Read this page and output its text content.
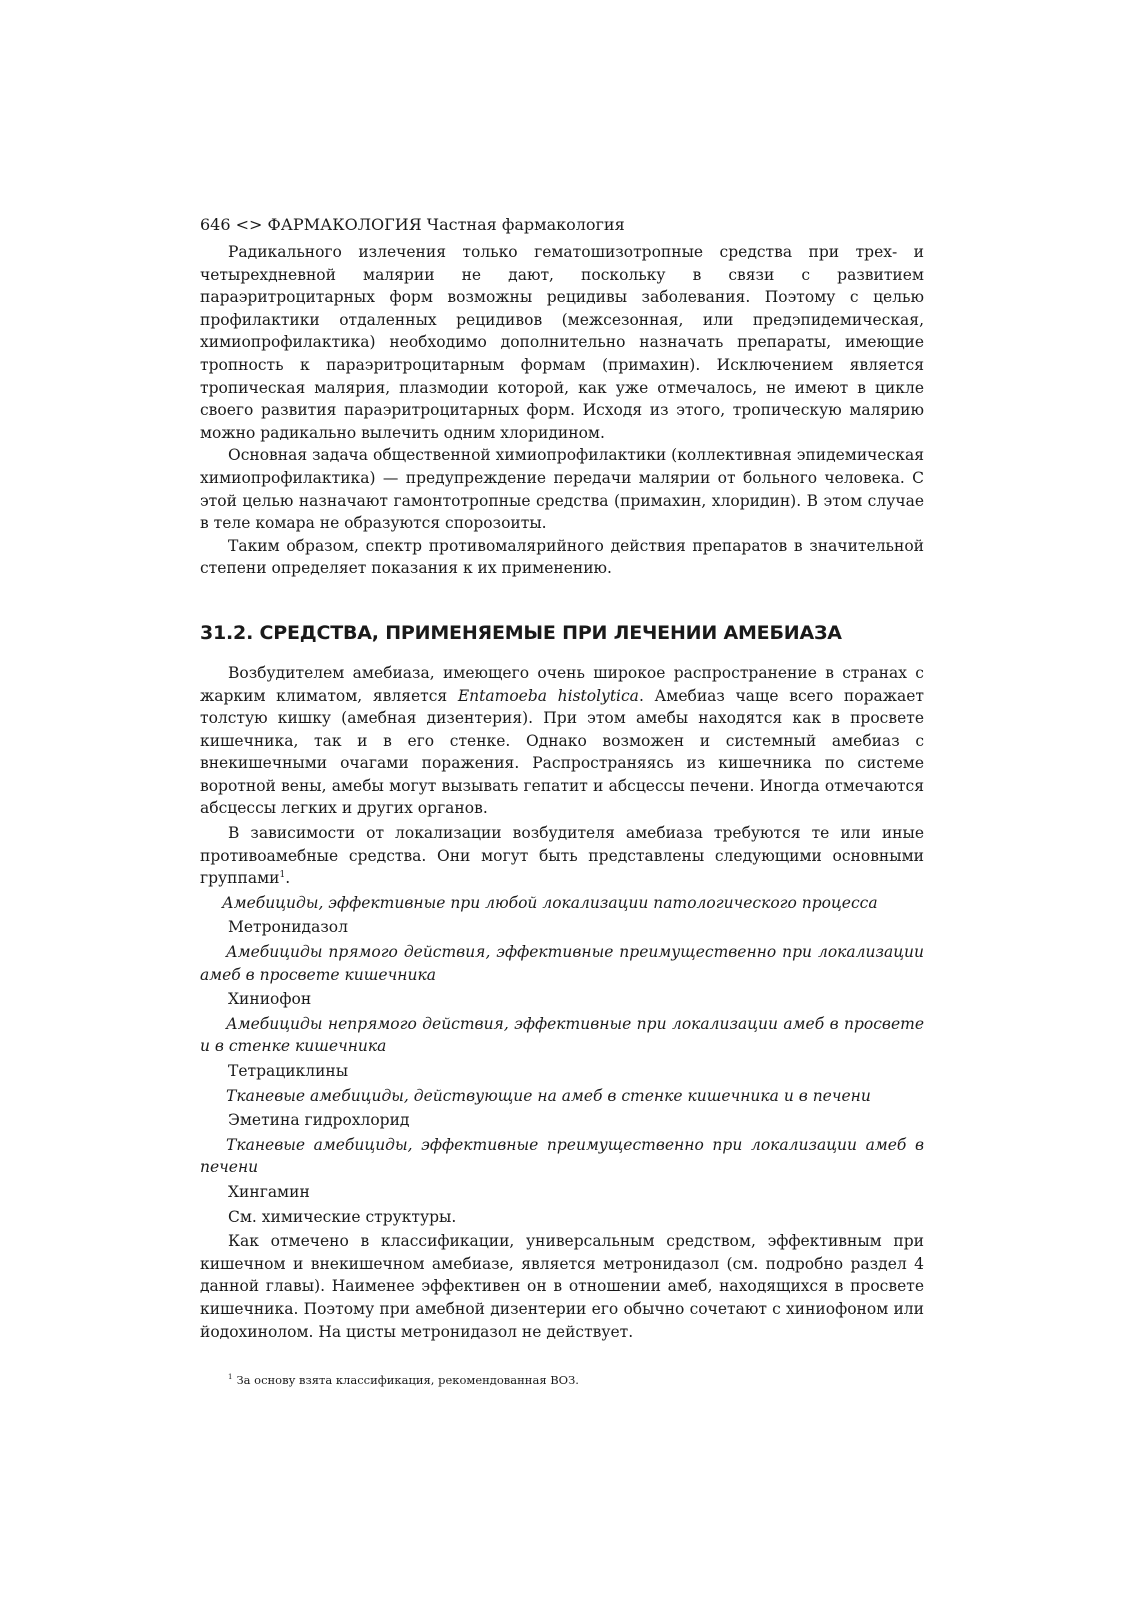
646 <> ФАРМАКОЛОГИЯ Частная фармакология

Радикального излечения только гематошизотропные средства при трех- и четырехдневной малярии не дают, поскольку в связи с развитием параэритроцитарных форм возможны рецидивы заболевания. Поэтому с целью профилактики отдаленных рецидивов (межсезонная, или предэпидемическая, химиопрофилактика) необходимо дополнительно назначать препараты, имеющие тропность к параэритроцитарным формам (примахин). Исключением является тропическая малярия, плазмодии которой, как уже отмечалось, не имеют в цикле своего развития параэритроцитарных форм. Исходя из этого, тропическую малярию можно радикально вылечить одним хлоридином.

Основная задача общественной химиопрофилактики (коллективная эпидемическая химиопрофилактика) — предупреждение передачи малярии от больного человека. С этой целью назначают гамонтотропные средства (примахин, хлоридин). В этом случае в теле комара не образуются спорозоиты.

Таким образом, спектр противомалярийного действия препаратов в значительной степени определяет показания к их применению.

31.2. СРЕДСТВА, ПРИМЕНЯЕМЫЕ ПРИ ЛЕЧЕНИИ АМЕБИАЗА

Возбудителем амебиаза, имеющего очень широкое распространение в странах с жарким климатом, является Entamoeba histolytica. Амебиаз чаще всего поражает толстую кишку (амебная дизентерия). При этом амебы находятся как в просвете кишечника, так и в его стенке. Однако возможен и системный амебиаз с внекишечными очагами поражения. Распространяясь из кишечника по системе воротной вены, амебы могут вызывать гепатит и абсцессы печени. Иногда отмечаются абсцессы легких и других органов.

В зависимости от локализации возбудителя амебиаза требуются те или иные противоамебные средства. Они могут быть представлены следующими основными группами$^1$.

Амебициды, эффективные при любой локализации патологического процесса
Метронидазол
Амебициды прямого действия, эффективные преимущественно при локализации амеб в просвете кишечника
Хиниофон
Амебициды непрямого действия, эффективные при локализации амеб в просвете и в стенке кишечника
Тетрациклины
Тканевые амебициды, действующие на амеб в стенке кишечника и в печени
Эметина гидрохлорид
Тканевые амебициды, эффективные преимущественно при локализации амеб в печени
Хингамин
См. химические структуры.

Как отмечено в классификации, универсальным средством, эффективным при кишечном и внекишечном амебиазе, является метронидазол (см. подробно раздел 4 данной главы). Наименее эффективен он в отношении амеб, находящихся в просвете кишечника. Поэтому при амебной дизентерии его обычно сочетают с хиниофоном или йодохинолом. На цисты метронидазол не действует.

$^1$ За основу взята классификация, рекомендованная ВОЗ.
